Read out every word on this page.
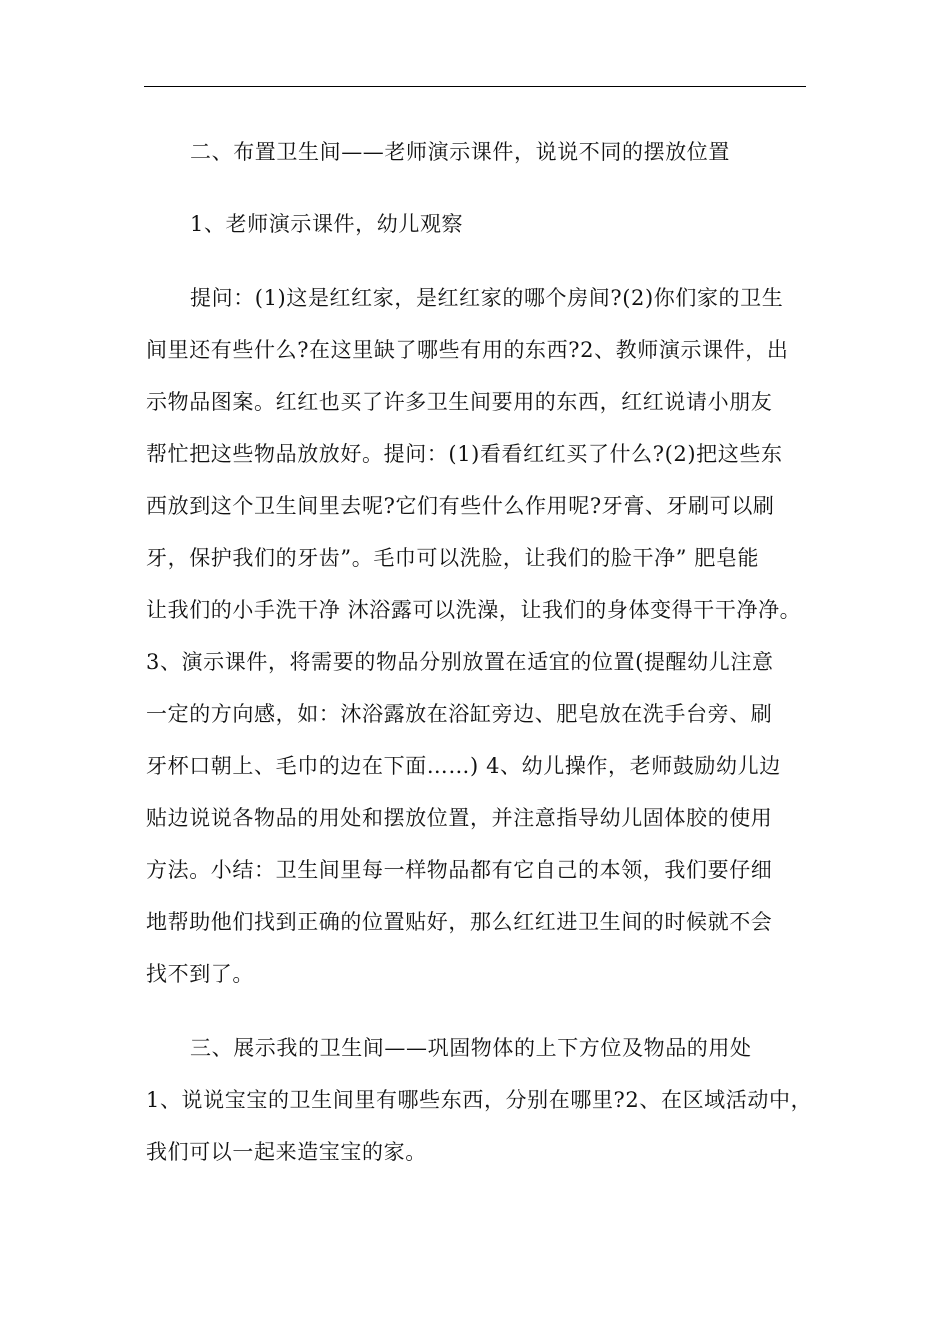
二、布置卫生间——老师演示课件，说说不同的摆放位置
1、老师演示课件，幼儿观察
提问：(1)这是红红家，是红红家的哪个房间?(2)你们家的卫生
间里还有些什么?在这里缺了哪些有用的东西?2、教师演示课件，出
示物品图案。红红也买了许多卫生间要用的东西，红红说请小朋友
帮忙把这些物品放放好。提问：(1)看看红红买了什么?(2)把这些东
西放到这个卫生间里去呢?它们有些什么作用呢?牙膏、牙刷可以刷
牙，保护我们的牙齿”。毛巾可以洗脸，让我们的脸干净” 肥皂能
让我们的小手洗干净 沐浴露可以洗澡，让我们的身体变得干干净净。
3、演示课件，将需要的物品分别放置在适宜的位置(提醒幼儿注意
一定的方向感，如：沐浴露放在浴缸旁边、肥皂放在洗手台旁、刷
牙杯口朝上、毛巾的边在下面……) 4、幼儿操作，老师鼓励幼儿边
贴边说说各物品的用处和摆放位置，并注意指导幼儿固体胶的使用
方法。小结：卫生间里每一样物品都有它自己的本领，我们要仔细
地帮助他们找到正确的位置贴好，那么红红进卫生间的时候就不会
找不到了。
三、展示我的卫生间——巩固物体的上下方位及物品的用处
1、说说宝宝的卫生间里有哪些东西，分别在哪里?2、在区域活动中，
我们可以一起来造宝宝的家。
